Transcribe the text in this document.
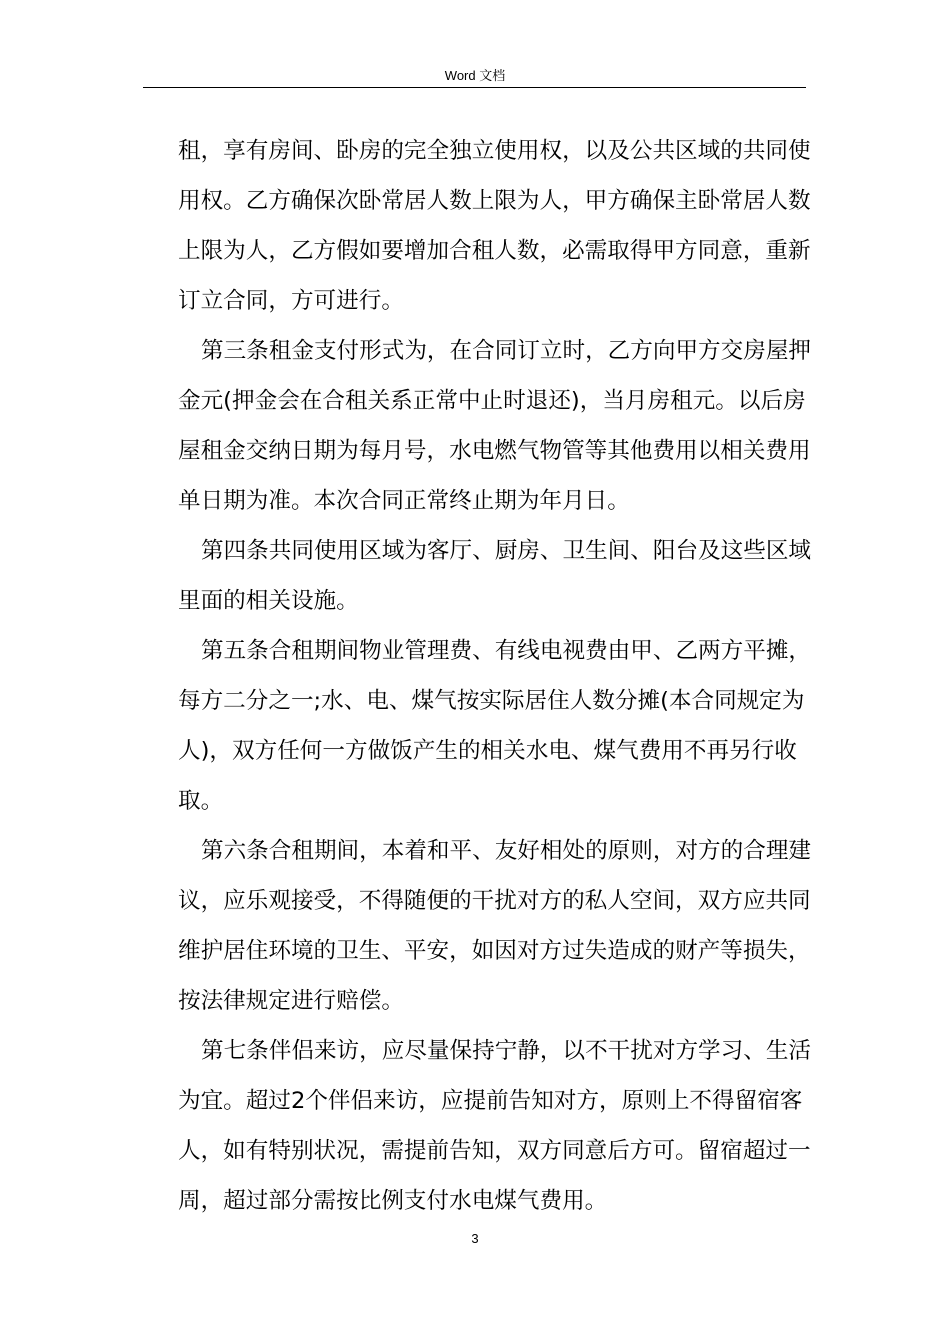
Word 文档
租，享有房间、卧房的完全独立使用权，以及公共区域的共同使
用权。乙方确保次卧常居人数上限为人，甲方确保主卧常居人数
上限为人，乙方假如要增加合租人数，必需取得甲方同意，重新
订立合同，方可进行。
第三条租金支付形式为，在合同订立时，乙方向甲方交房屋押
金元(押金会在合租关系正常中止时退还)，当月房租元。以后房
屋租金交纳日期为每月号，水电燃气物管等其他费用以相关费用
单日期为准。本次合同正常终止期为年月日。
第四条共同使用区域为客厅、厨房、卫生间、阳台及这些区域
里面的相关设施。
第五条合租期间物业管理费、有线电视费由甲、乙两方平摊，
每方二分之一;水、电、煤气按实际居住人数分摊(本合同规定为
人)，双方任何一方做饭产生的相关水电、煤气费用不再另行收
取。
第六条合租期间，本着和平、友好相处的原则，对方的合理建
议，应乐观接受，不得随便的干扰对方的私人空间，双方应共同
维护居住环境的卫生、平安，如因对方过失造成的财产等损失，
按法律规定进行赔偿。
第七条伴侣来访，应尽量保持宁静，以不干扰对方学习、生活
为宜。超过2个伴侣来访，应提前告知对方，原则上不得留宿客
人，如有特别状况，需提前告知，双方同意后方可。留宿超过一
周，超过部分需按比例支付水电煤气费用。
3
